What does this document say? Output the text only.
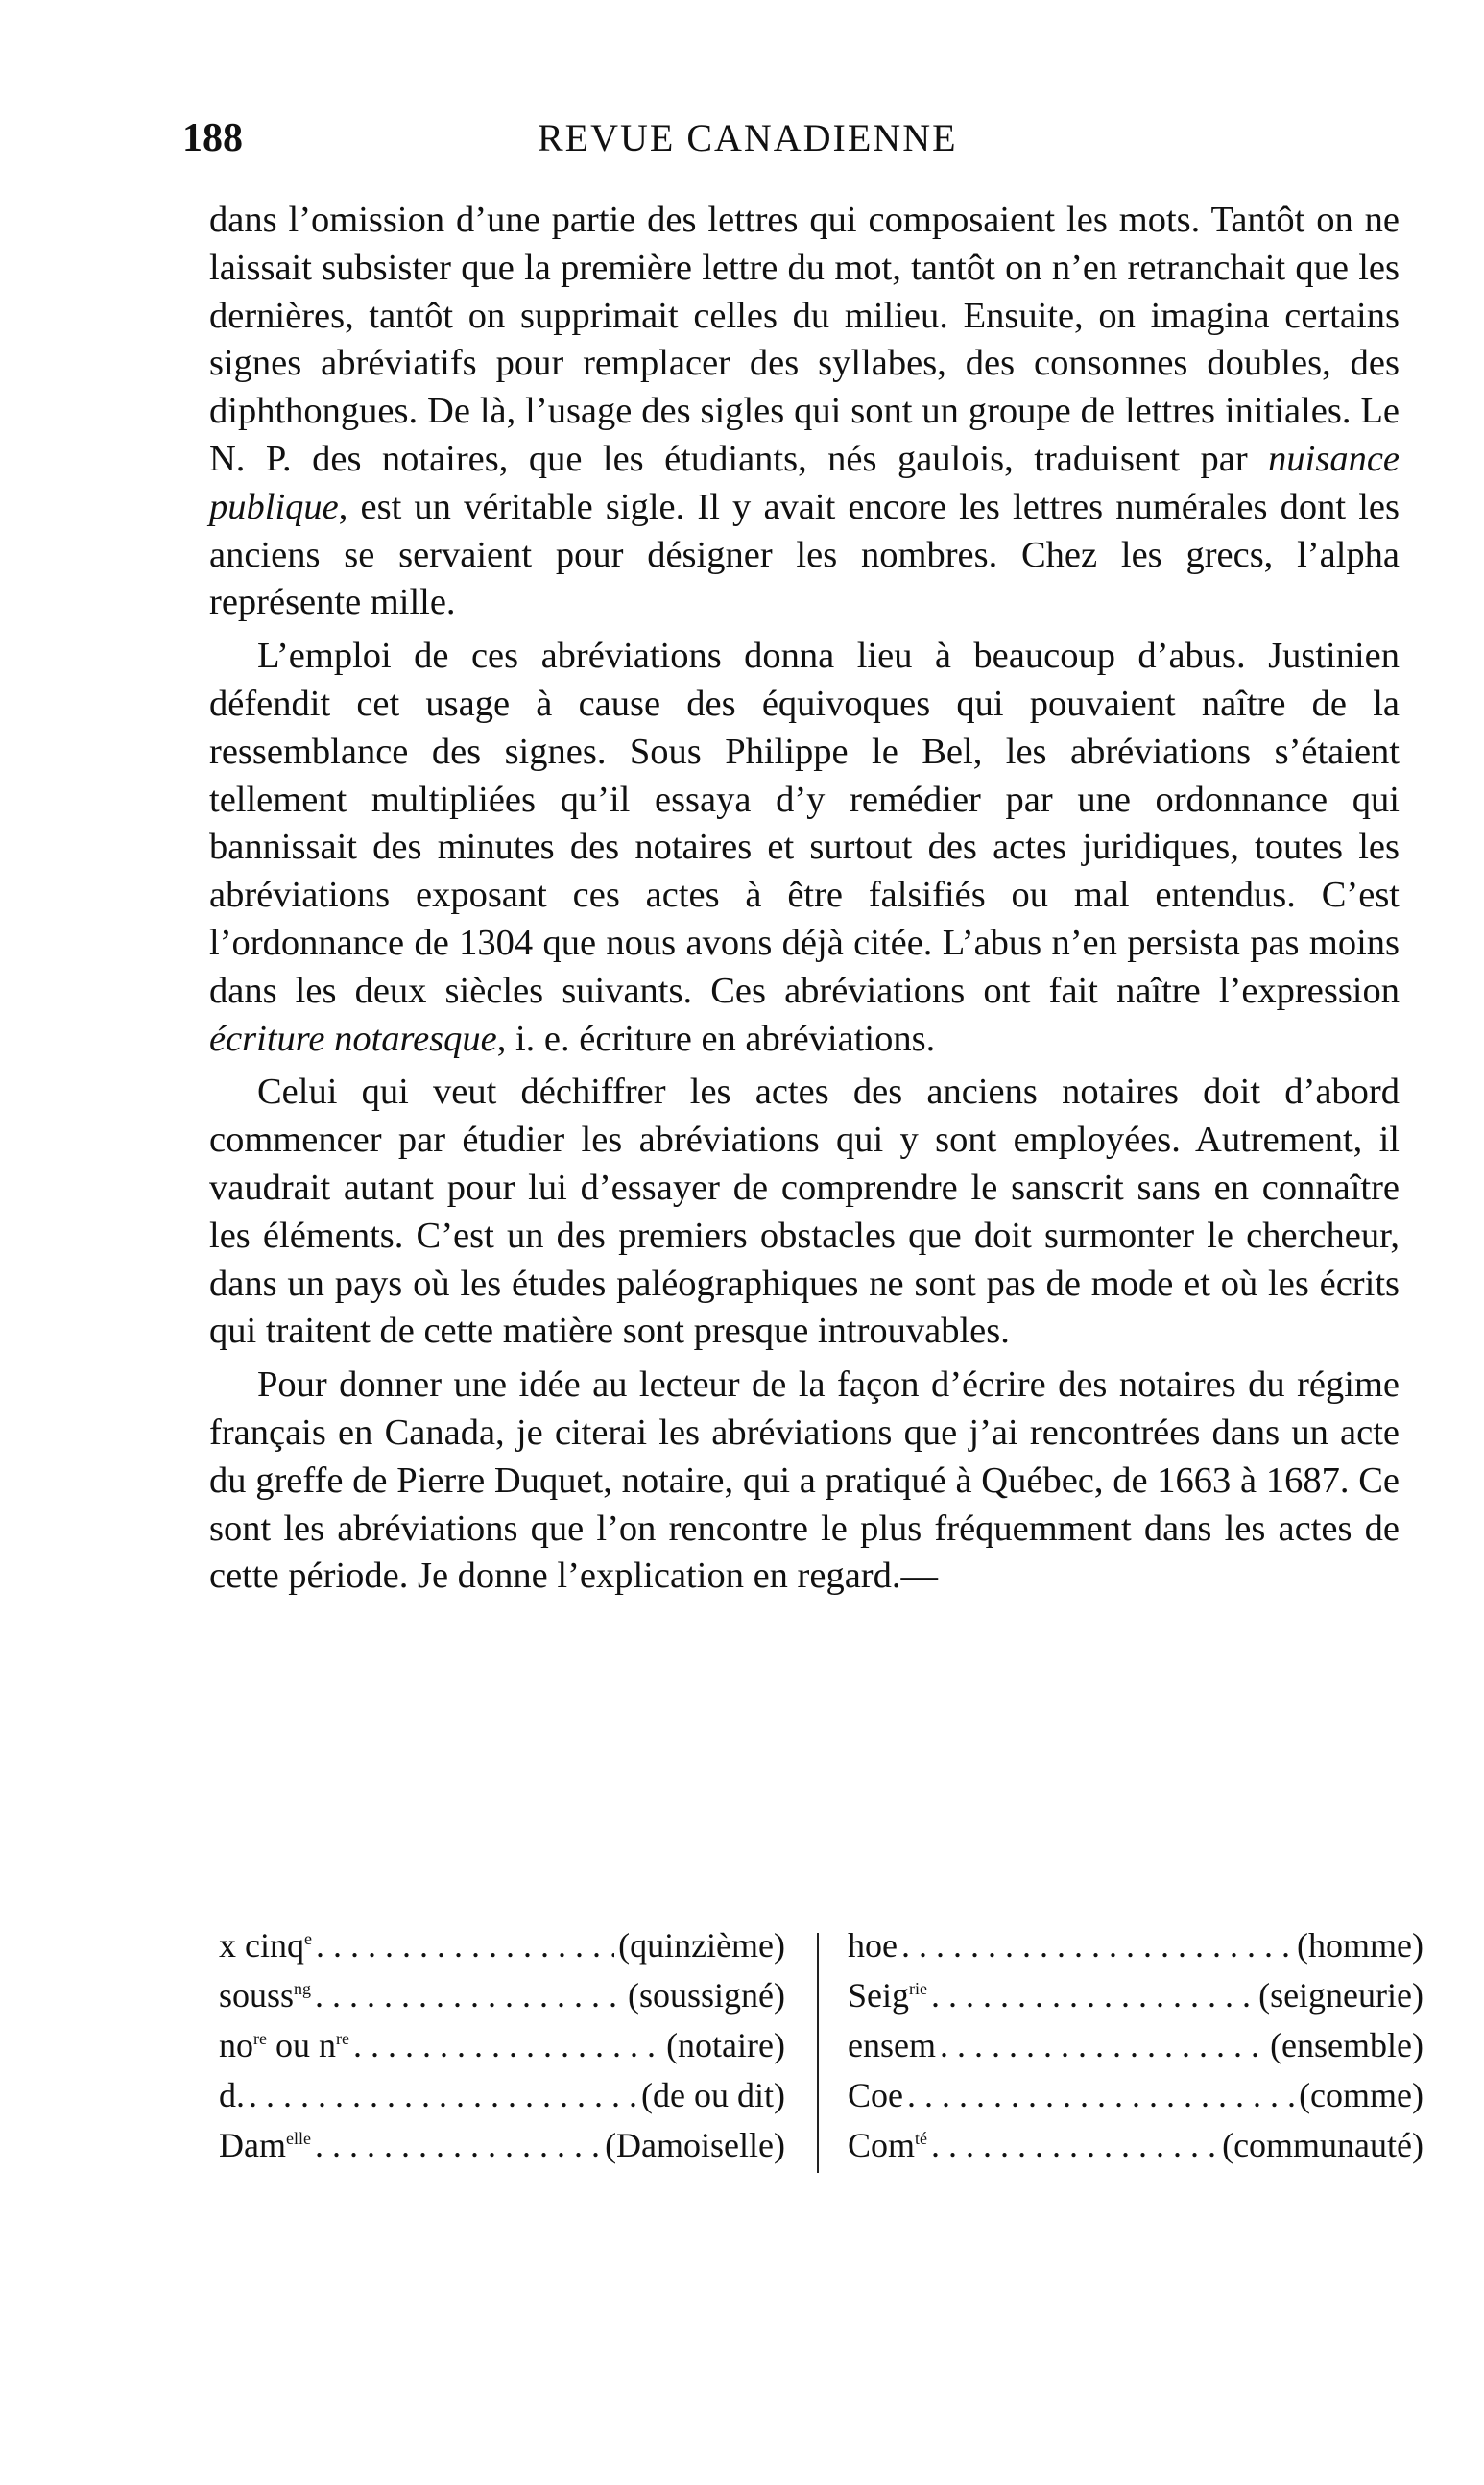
188	REVUE CANADIENNE

dans l’omission d’une partie des lettres qui composaient les mots. Tantôt on ne laissait subsister que la première lettre du mot, tantôt on n’en retranchait que les dernières, tantôt on supprimait celles du milieu. Ensuite, on imagina certains signes abréviatifs pour remplacer des syllabes, des consonnes doubles, des diphthongues. De là, l’usage des sigles qui sont un groupe de lettres initiales. Le N. P. des notaires, que les étudiants, nés gaulois, traduisent par nuisance publique, est un véritable sigle. Il y avait encore les lettres numérales dont les anciens se servaient pour désigner les nombres. Chez les grecs, l’alpha représente mille.

L’emploi de ces abréviations donna lieu à beaucoup d’abus. Justinien défendit cet usage à cause des équivoques qui pouvaient naître de la ressemblance des signes. Sous Philippe le Bel, les abréviations s’étaient tellement multipliées qu’il essaya d’y remédier par une ordonnance qui bannissait des minutes des notaires et surtout des actes juridiques, toutes les abréviations exposant ces actes à être falsifiés ou mal entendus. C’est l’ordonnance de 1304 que nous avons déjà citée. L’abus n’en persista pas moins dans les deux siècles suivants. Ces abréviations ont fait naître l’expression écriture notaresque, i. e. écriture en abréviations.

Celui qui veut déchiffrer les actes des anciens notaires doit d’abord commencer par étudier les abréviations qui y sont employées. Autrement, il vaudrait autant pour lui d’essayer de comprendre le sanscrit sans en connaître les éléments. C’est un des premiers obstacles que doit surmonter le chercheur, dans un pays où les études paléographiques ne sont pas de mode et où les écrits qui traitent de cette matière sont presque introuvables.

Pour donner une idée au lecteur de la façon d’écrire des notaires du régime français en Canada, je citerai les abréviations que j’ai rencontrées dans un acte du greffe de Pierre Duquet, notaire, qui a pratiqué à Québec, de 1663 à 1687. Ce sont les abréviations que l’on rencontre le plus fréquemment dans les actes de cette période. Je donne l’explication en regard.—

x cinq$^e$ . . .	(quinzième)
souss$^{ng}$ . . .	(soussigné)
$no^{re}$ ou $n^{re}$ . . .	(notaire)
d. . . .	(de ou dit)
Dam$^{elle}$ . . .	(Damoiselle)
hoe . . .	(homme)
Seig$^{rie}$ . . .	(seigneurie)
ensem . . .	(ensemble)
Coe . . .	(comme)
Com$^{té}$ . . .	(communauté)
